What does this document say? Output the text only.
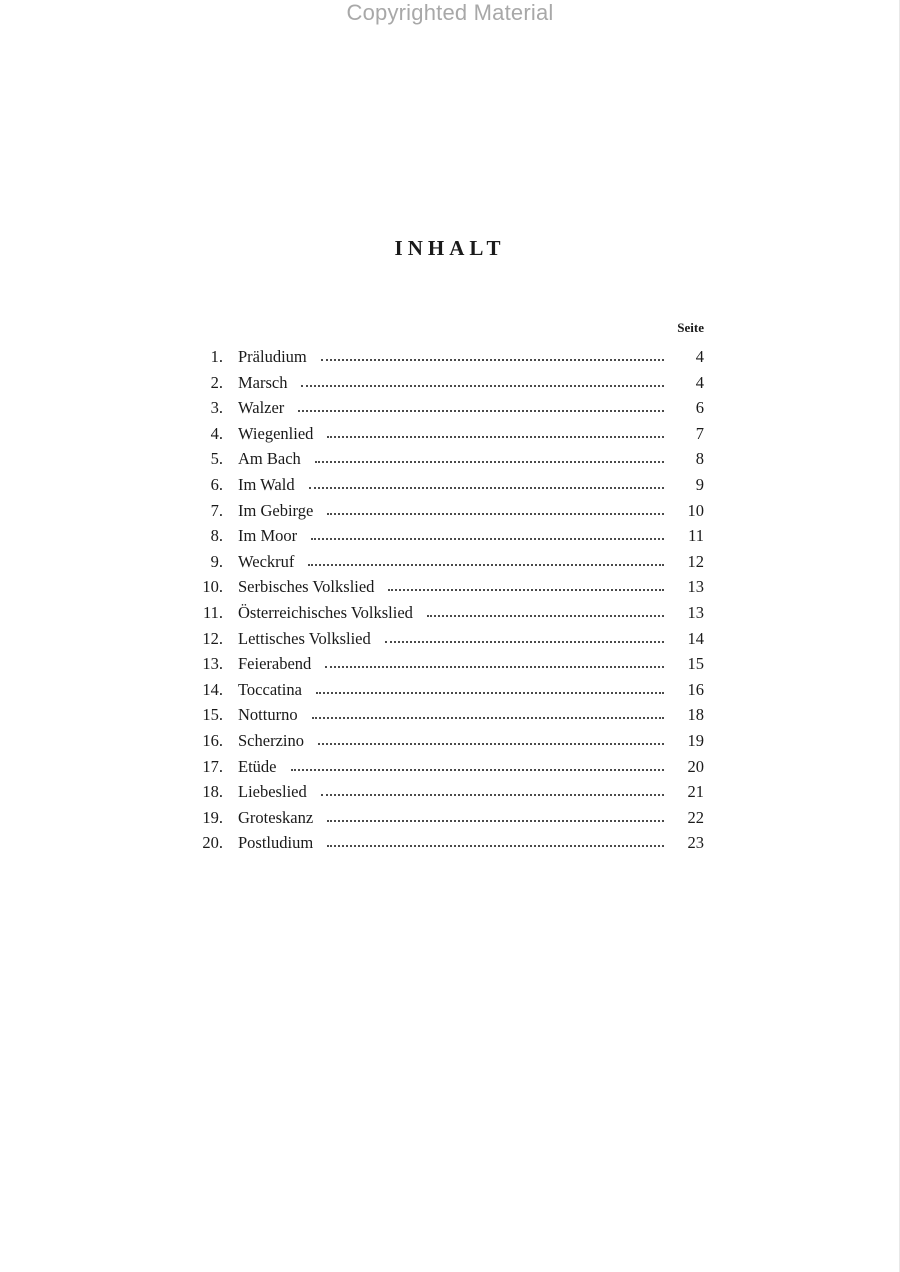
Copyrighted Material
INHALT
Seite
1. Präludium	4
2. Marsch	4
3. Walzer	6
4. Wiegenlied	7
5. Am Bach	8
6. Im Wald	9
7. Im Gebirge	10
8. Im Moor	11
9. Weckruf	12
10. Serbisches Volkslied	13
11. Österreichisches Volkslied	13
12. Lettisches Volkslied	14
13. Feierabend	15
14. Toccatina	16
15. Notturno	18
16. Scherzino	19
17. Etüde	20
18. Liebeslied	21
19. Groteskanz	22
20. Postludium	23
